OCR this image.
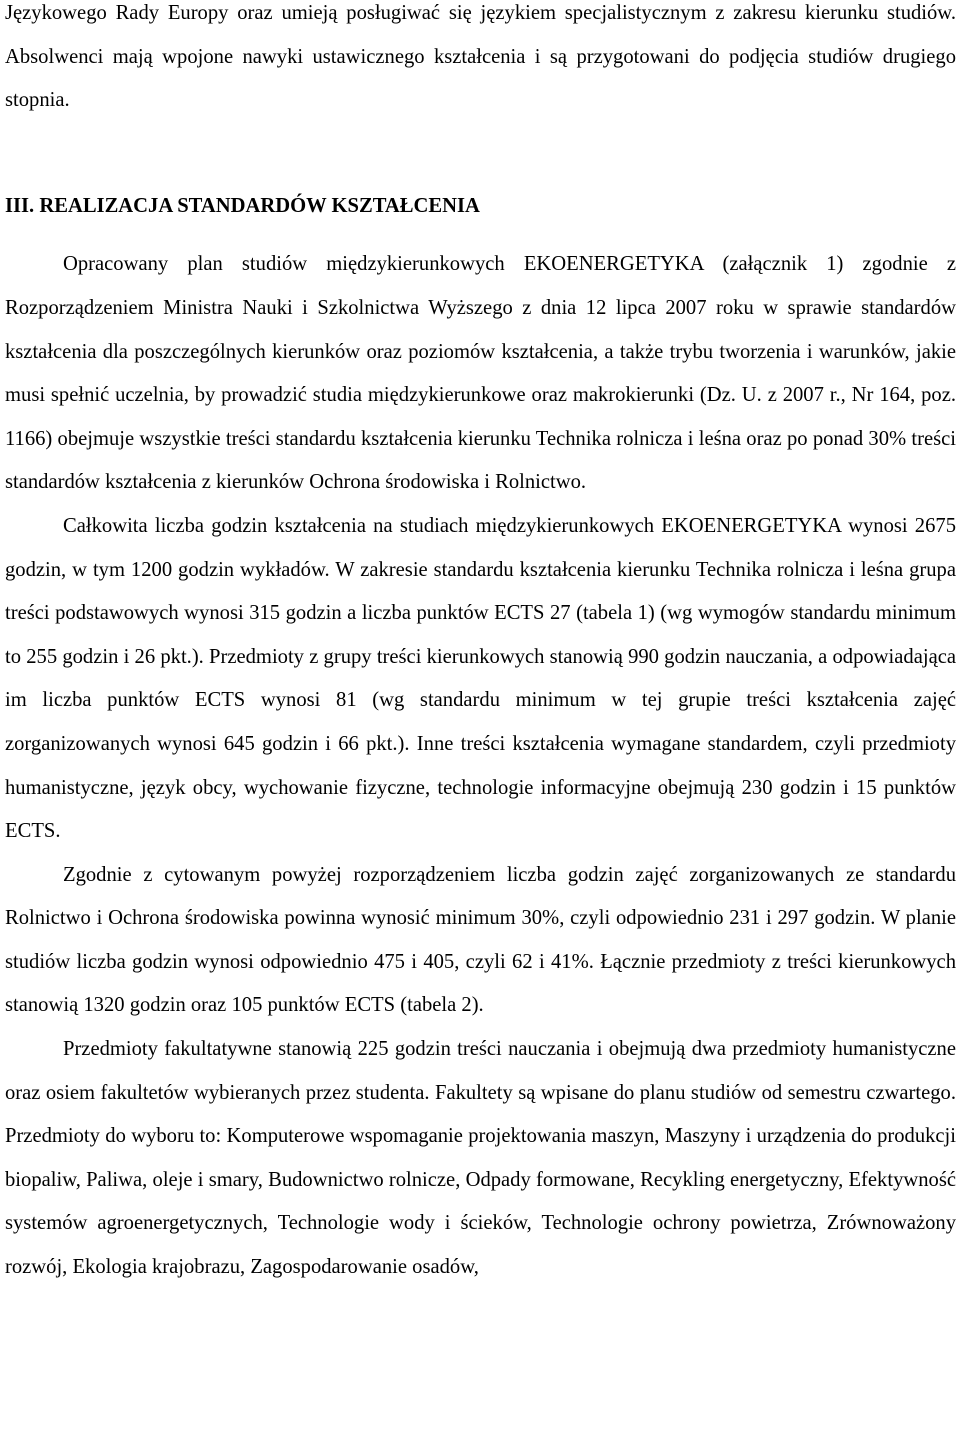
Językowego Rady Europy oraz umieją posługiwać się językiem specjalistycznym z zakresu kierunku studiów. Absolwenci mają wpojone nawyki ustawicznego kształcenia i są przygotowani do podjęcia studiów drugiego stopnia.

III. REALIZACJA STANDARDÓW KSZTAŁCENIA

Opracowany plan studiów międzykierunkowych EKOENERGETYKA (załącznik 1) zgodnie z Rozporządzeniem Ministra Nauki i Szkolnictwa Wyższego z dnia 12 lipca 2007 roku w sprawie standardów kształcenia dla poszczególnych kierunków oraz poziomów kształcenia, a także trybu tworzenia i warunków, jakie musi spełnić uczelnia, by prowadzić studia międzykierunkowe oraz makrokierunki (Dz. U. z 2007 r., Nr 164, poz. 1166) obejmuje wszystkie treści standardu kształcenia kierunku Technika rolnicza i leśna oraz po ponad 30% treści standardów kształcenia z kierunków Ochrona środowiska i Rolnictwo.

Całkowita liczba godzin kształcenia na studiach międzykierunkowych EKOENERGETYKA wynosi 2675 godzin, w tym 1200 godzin wykładów. W zakresie standardu kształcenia kierunku Technika rolnicza i leśna grupa treści podstawowych wynosi 315 godzin a liczba punktów ECTS 27 (tabela 1) (wg wymogów standardu minimum to 255 godzin i 26 pkt.). Przedmioty z grupy treści kierunkowych stanowią 990 godzin nauczania, a odpowiadająca im liczba punktów ECTS wynosi 81 (wg standardu minimum w tej grupie treści kształcenia zajęć zorganizowanych wynosi 645 godzin i 66 pkt.). Inne treści kształcenia wymagane standardem, czyli przedmioty humanistyczne, język obcy, wychowanie fizyczne, technologie informacyjne obejmują 230 godzin i 15 punktów ECTS.

Zgodnie z cytowanym powyżej rozporządzeniem liczba godzin zajęć zorganizowanych ze standardu Rolnictwo i Ochrona środowiska powinna wynosić minimum 30%, czyli odpowiednio 231 i 297 godzin. W planie studiów liczba godzin wynosi odpowiednio 475 i 405, czyli 62 i 41%. Łącznie przedmioty z treści kierunkowych stanowią 1320 godzin oraz 105 punktów ECTS (tabela 2).

Przedmioty fakultatywne stanowią 225 godzin treści nauczania i obejmują dwa przedmioty humanistyczne oraz osiem fakultetów wybieranych przez studenta. Fakultety są wpisane do planu studiów od semestru czwartego. Przedmioty do wyboru to: Komputerowe wspomaganie projektowania maszyn, Maszyny i urządzenia do produkcji biopaliw, Paliwa, oleje i smary, Budownictwo rolnicze, Odpady formowane, Recykling energetyczny, Efektywność systemów agroenergetycznych, Technologie wody i ścieków, Technologie ochrony powietrza, Zrównoważony rozwój, Ekologia krajobrazu, Zagospodarowanie osadów,
